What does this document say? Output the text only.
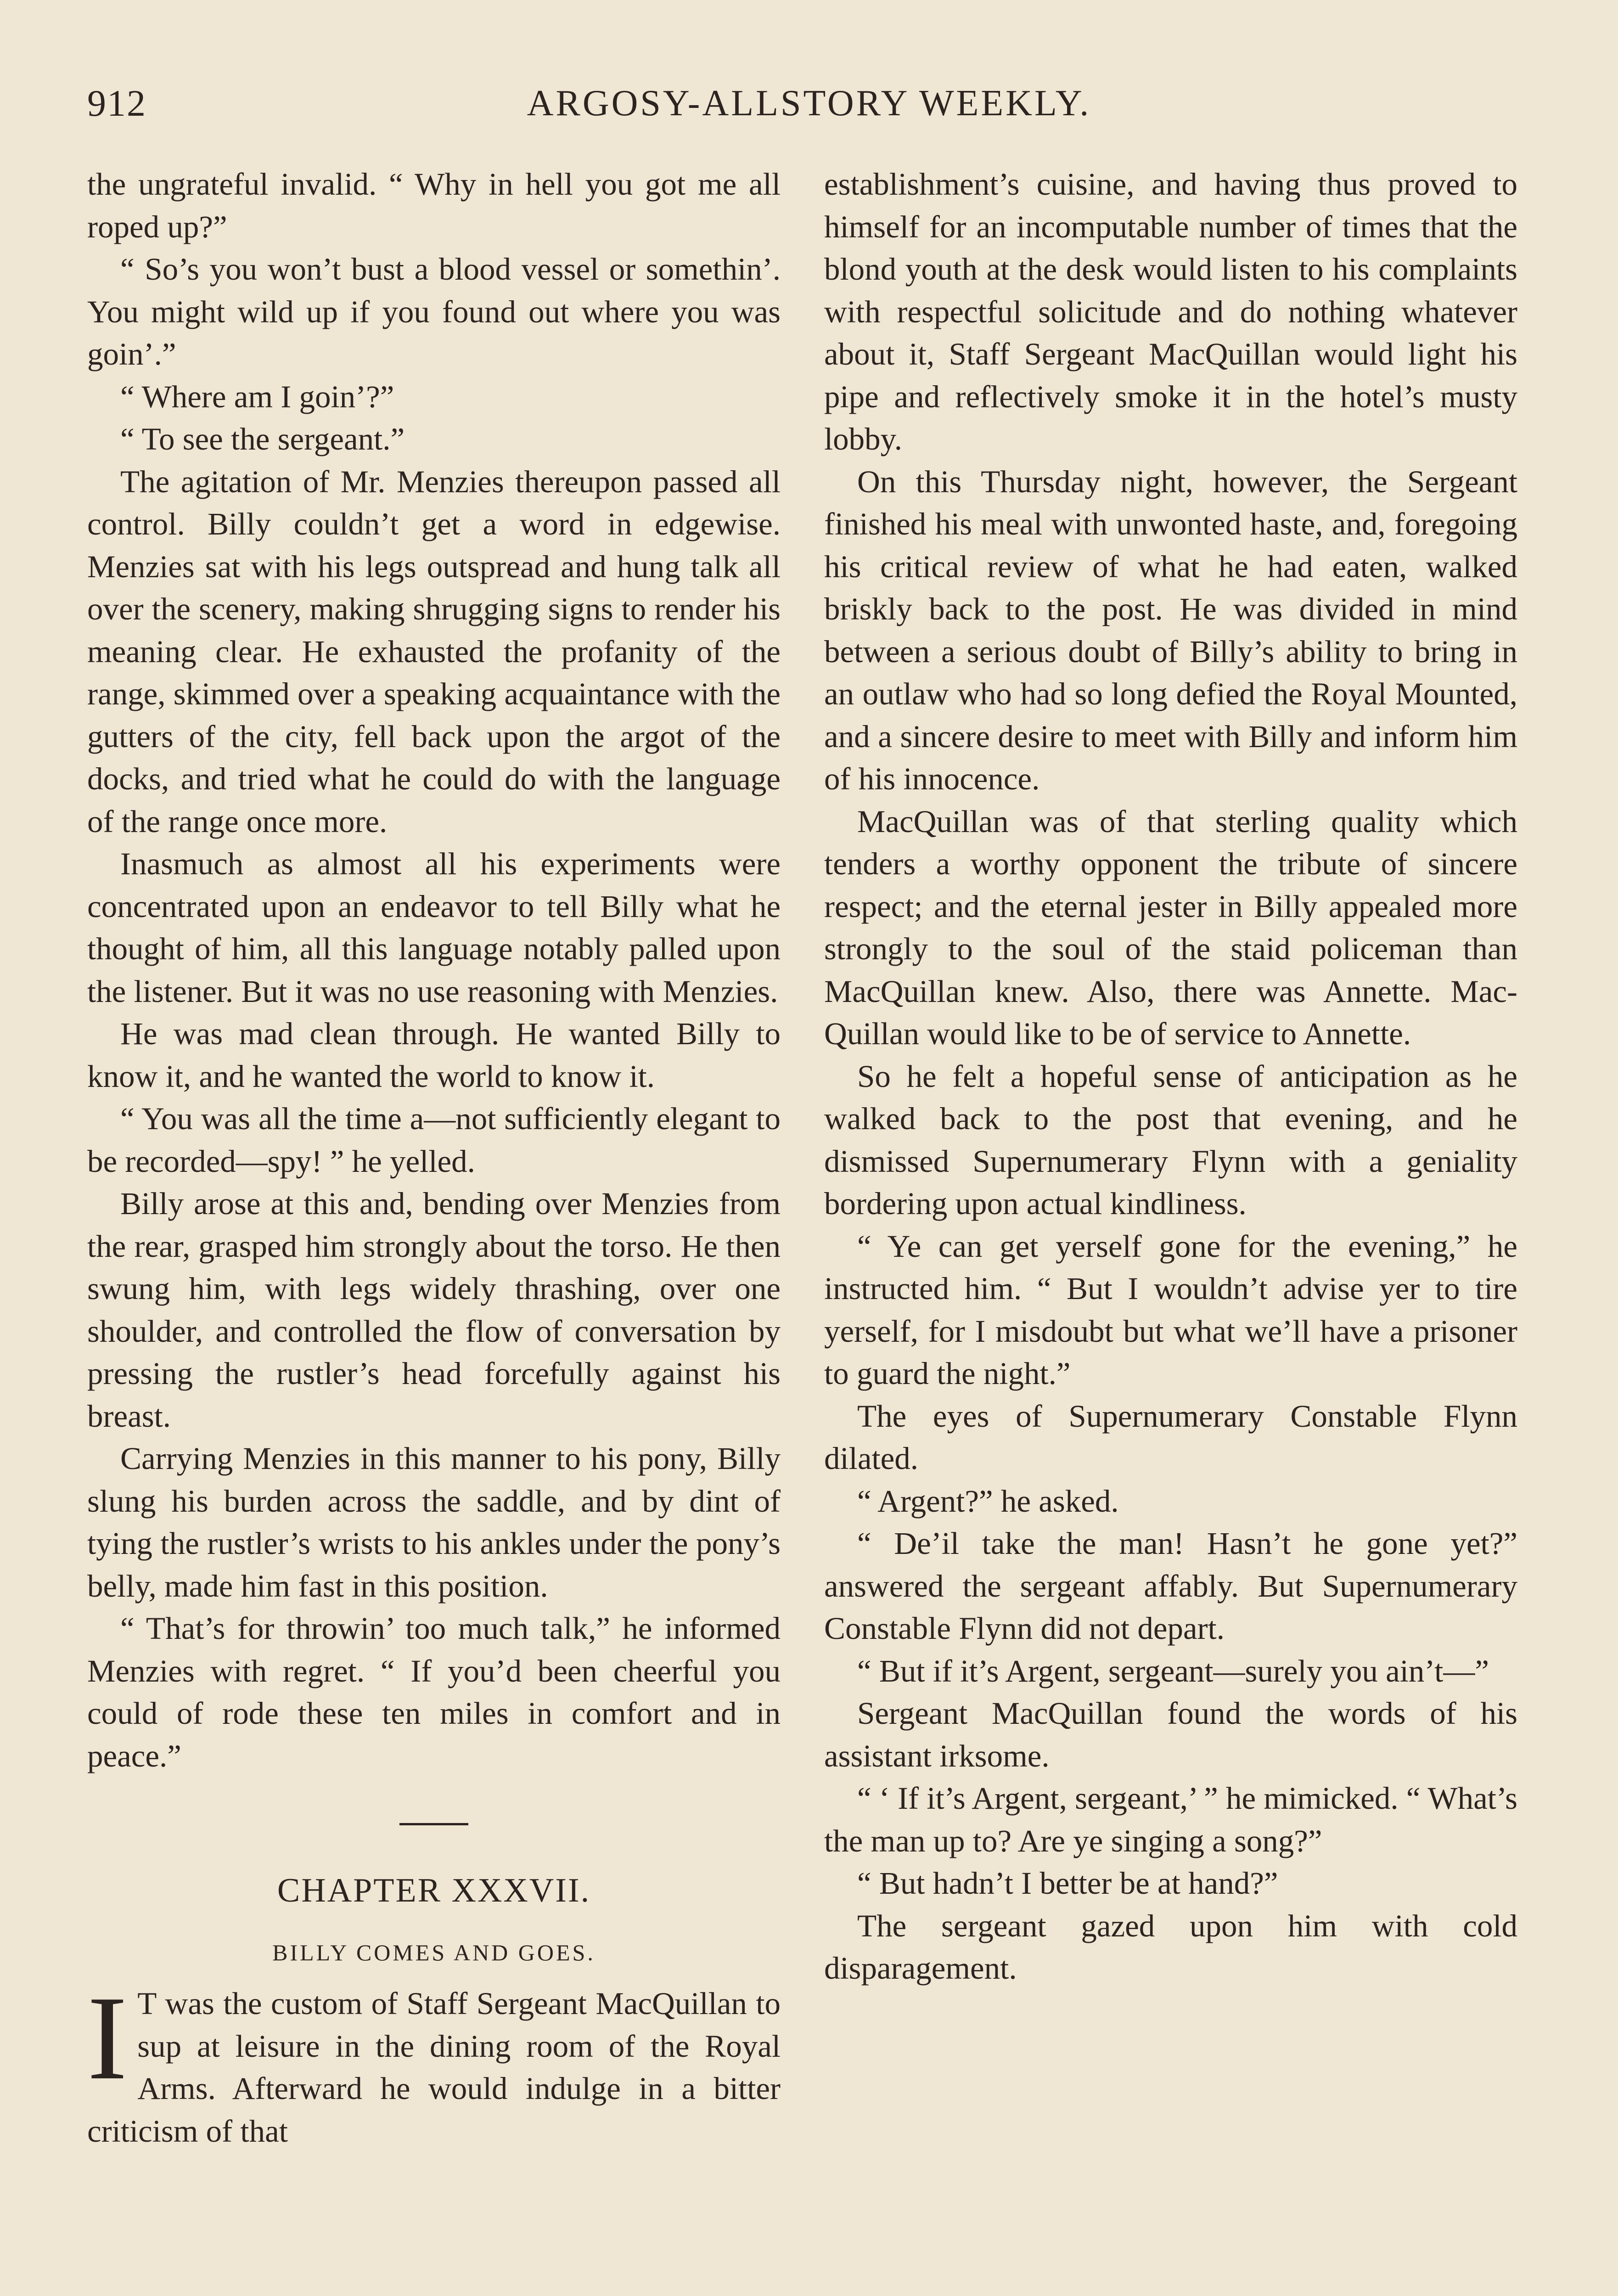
912	ARGOSY-ALLSTORY WEEKLY.

the ungrateful invalid. “ Why in hell you got me all roped up?”

“ So’s you won’t bust a blood vessel or somethin’. You might wild up if you found out where you was goin’.”

“ Where am I goin’?”

“ To see the sergeant.”

The agitation of Mr. Menzies thereupon passed all control. Billy couldn’t get a word in edgewise. Menzies sat with his legs outspread and hung talk all over the scenery, making shrugging signs to render his meaning clear. He exhausted the profanity of the range, skimmed over a speaking acquaintance with the gutters of the city, fell back upon the argot of the docks, and tried what he could do with the language of the range once more.

Inasmuch as almost all his experiments were concentrated upon an endeavor to tell Billy what he thought of him, all this language notably palled upon the listener. But it was no use reasoning with Menzies.

He was mad clean through. He wanted Billy to know it, and he wanted the world to know it.

“ You was all the time a—not sufficiently elegant to be recorded—spy! ” he yelled.

Billy arose at this and, bending over Menzies from the rear, grasped him strongly about the torso. He then swung him, with legs widely thrashing, over one shoulder, and controlled the flow of conversation by pressing the rustler’s head forcefully against his breast.

Carrying Menzies in this manner to his pony, Billy slung his burden across the saddle, and by dint of tying the rustler’s wrists to his ankles under the pony’s belly, made him fast in this position.

“ That’s for throwin’ too much talk,” he informed Menzies with regret. “ If you’d been cheerful you could of rode these ten miles in comfort and in peace.”

CHAPTER XXXVII.
BILLY COMES AND GOES.

I T was the custom of Staff Sergeant MacQuillan to sup at leisure in the dining room of the Royal Arms. Afterward he would indulge in a bitter criticism of that

establishment’s cuisine, and having thus proved to himself for an incomputable number of times that the blond youth at the desk would listen to his complaints with respectful solicitude and do nothing whatever about it, Staff Sergeant MacQuillan would light his pipe and reflectively smoke it in the hotel’s musty lobby.

On this Thursday night, however, the Sergeant finished his meal with unwonted haste, and, foregoing his critical review of what he had eaten, walked briskly back to the post. He was divided in mind between a serious doubt of Billy’s ability to bring in an outlaw who had so long defied the Royal Mounted, and a sincere desire to meet with Billy and inform him of his innocence.

MacQuillan was of that sterling quality which tenders a worthy opponent the tribute of sincere respect; and the eternal jester in Billy appealed more strongly to the soul of the staid policeman than MacQuillan knew. Also, there was Annette. MacQuillan would like to be of service to Annette.

So he felt a hopeful sense of anticipation as he walked back to the post that evening, and he dismissed Supernumerary Flynn with a geniality bordering upon actual kindliness.

“ Ye can get yerself gone for the evening,” he instructed him. “ But I wouldn’t advise yer to tire yerself, for I misdoubt but what we’ll have a prisoner to guard the night.”

The eyes of Supernumerary Constable Flynn dilated.

“ Argent?” he asked.

“ De’il take the man! Hasn’t he gone yet?” answered the sergeant affably. But Supernumerary Constable Flynn did not depart.

“ But if it’s Argent, sergeant—surely you ain’t—”

Sergeant MacQuillan found the words of his assistant irksome.

“ ‘ If it’s Argent, sergeant,’ ” he mimicked. “ What’s the man up to? Are ye singing a song?”

“ But hadn’t I better be at hand?”

The sergeant gazed upon him with cold disparagement.
